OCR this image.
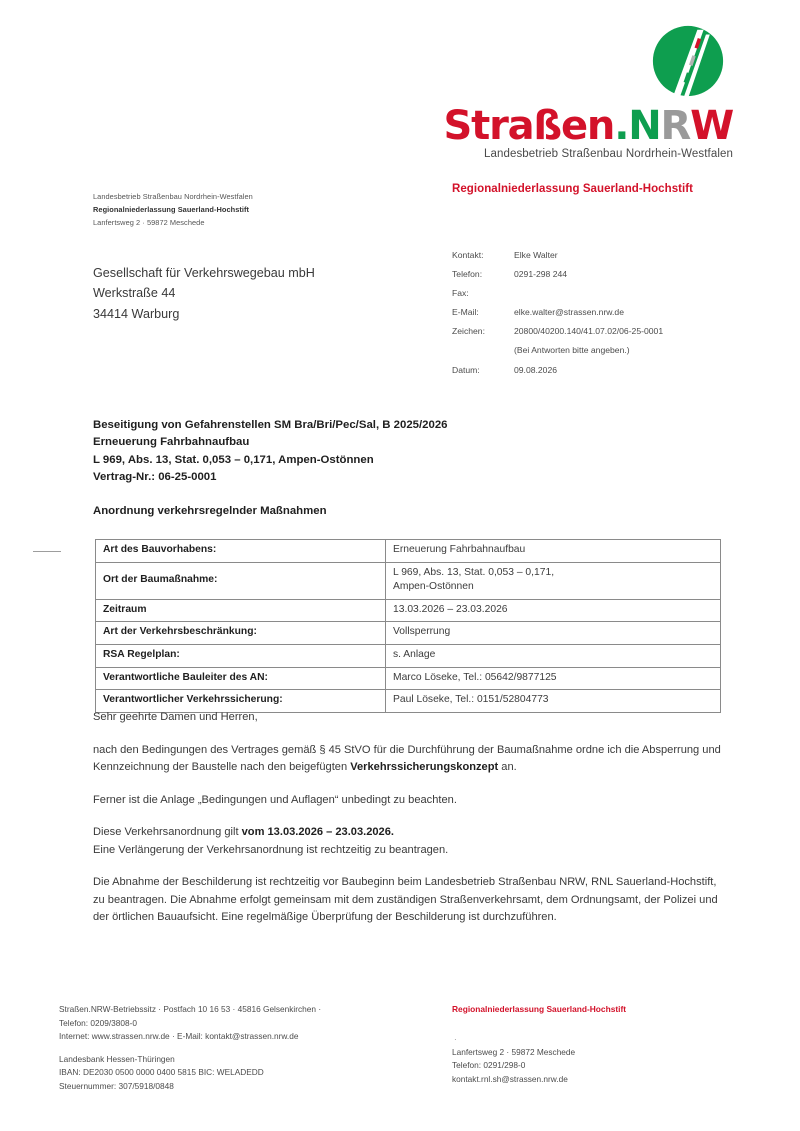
Straßen.NRW
Landesbetrieb Straßenbau Nordrhein-Westfalen
Regionalniederlassung Sauerland-Hochstift
Landesbetrieb Straßenbau Nordrhein-Westfalen
Regionalniederlassung Sauerland-Hochstift
Lanfertsweg 2 · 59872 Meschede
Gesellschaft für Verkehrswegebau mbH
Werkstraße 44
34414 Warburg
Kontakt:	Elke Walter
Telefon:	0291-298 244
Fax:
E-Mail:	elke.walter@strassen.nrw.de
Zeichen:	20800/40200.140/41.07.02/06-25-0001
(Bei Antworten bitte angeben.)
Datum:	09.08.2026
Beseitigung von Gefahrenstellen SM Bra/Bri/Pec/Sal, B 2025/2026
Erneuerung Fahrbahnaufbau
L 969, Abs. 13, Stat. 0,053 – 0,171, Ampen-Ostönnen
Vertrag-Nr.: 06-25-0001
Anordnung verkehrsregelnder Maßnahmen
Art des Bauvorhabens:	Erneuerung Fahrbahnaufbau
Ort der Baumaßnahme:	L 969, Abs. 13, Stat. 0,053 – 0,171,
Ampen-Ostönnen

Zeitraum	13.03.2026 – 23.03.2026
Art der Verkehrsbeschränkung:	Vollsperrung
RSA Regelplan:	s. Anlage
Verantwortliche Bauleiter des AN:	Marco Löseke, Tel.: 05642/9877125
Verantwortlicher Verkehrssicherung:	Paul Löseke, Tel.: 0151/52804773

Sehr geehrte Damen und Herren,

nach den Bedingungen des Vertrages gemäß § 45 StVO für die Durchführung der Baumaßnahme ordne ich die Absperrung und Kennzeichnung der Baustelle nach den beigefügten Verkehrssicherungskonzept an.

Ferner ist die Anlage „Bedingungen und Auflagen“ unbedingt zu beachten.

Diese Verkehrsanordnung gilt vom 13.03.2026 – 23.03.2026.
Eine Verlängerung der Verkehrsanordnung ist rechtzeitig zu beantragen.

Die Abnahme der Beschilderung ist rechtzeitig vor Baubeginn beim Landesbetrieb Straßenbau NRW, RNL Sauerland-Hochstift, zu beantragen. Die Abnahme erfolgt gemeinsam mit dem zuständigen Straßenverkehrsamt, dem Ordnungsamt, der Polizei und der örtlichen Bauaufsicht. Eine regelmäßige Überprüfung der Beschilderung ist durchzuführen.

Straßen.NRW-Betriebssitz · Postfach 10 16 53 · 45816 Gelsenkirchen ·
Telefon: 0209/3808-0
Internet: www.strassen.nrw.de · E-Mail: kontakt@strassen.nrw.de
Landesbank Hessen-Thüringen
IBAN: DE2030 0500 0000 0400 5815 BIC: WELADEDD
Steuernummer: 307/5918/0848
Regionalniederlassung Sauerland-Hochstift
·
Lanfertsweg 2 · 59872 Meschede
Telefon: 0291/298-0
kontakt.rnl.sh@strassen.nrw.de
